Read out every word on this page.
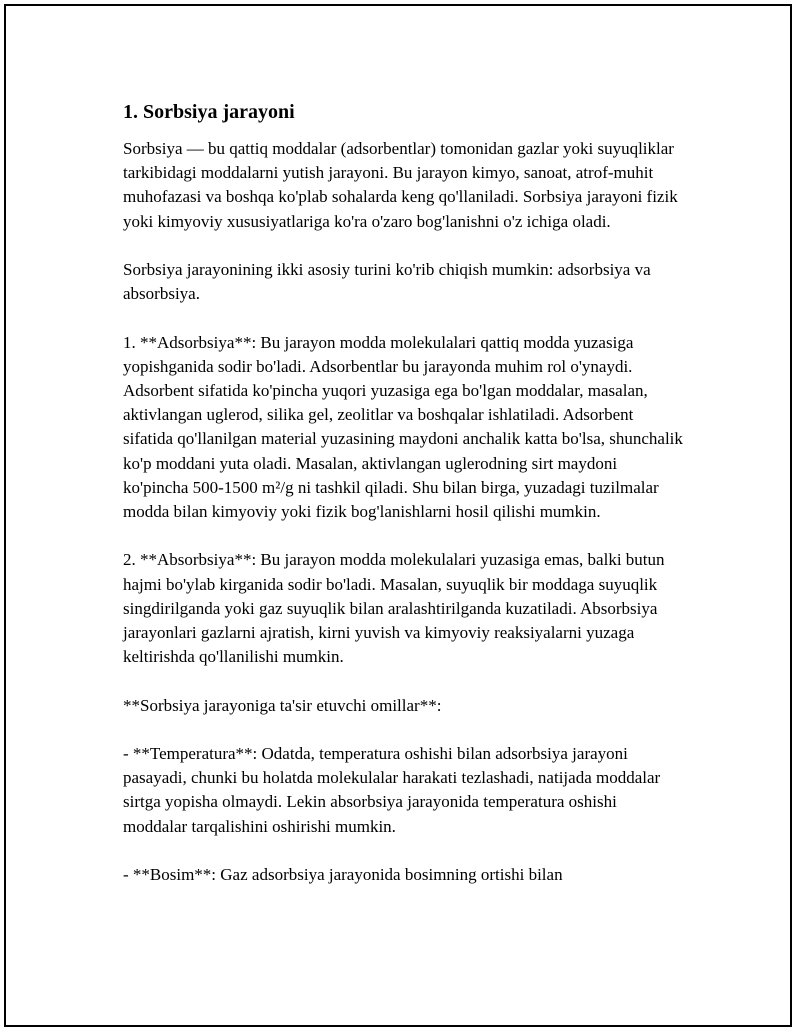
1. Sorbsiya jarayoni

Sorbsiya — bu qattiq moddalar (adsorbentlar) tomonidan gazlar yoki suyuqliklar tarkibidagi moddalarni yutish jarayoni. Bu jarayon kimyo, sanoat, atrof-muhit muhofazasi va boshqa ko'plab sohalarda keng qo'llaniladi. Sorbsiya jarayoni fizik yoki kimyoviy xususiyatlariga ko'ra o'zaro bog'lanishni o'z ichiga oladi.

Sorbsiya jarayonining ikki asosiy turini ko'rib chiqish mumkin: adsorbsiya va absorbsiya.

1. **Adsorbsiya**: Bu jarayon modda molekulalari qattiq modda yuzasiga yopishganida sodir bo'ladi. Adsorbentlar bu jarayonda muhim rol o'ynaydi. Adsorbent sifatida ko'pincha yuqori yuzasiga ega bo'lgan moddalar, masalan, aktivlangan uglerod, silika gel, zeolitlar va boshqalar ishlatiladi. Adsorbent sifatida qo'llanilgan material yuzasining maydoni anchalik katta bo'lsa, shunchalik ko'p moddani yuta oladi. Masalan, aktivlangan uglerodning sirt maydoni ko'pincha 500-1500 m²/g ni tashkil qiladi. Shu bilan birga, yuzadagi tuzilmalar modda bilan kimyoviy yoki fizik bog'lanishlarni hosil qilishi mumkin.

2. **Absorbsiya**: Bu jarayon modda molekulalari yuzasiga emas, balki butun hajmi bo'ylab kirganida sodir bo'ladi. Masalan, suyuqlik bir moddaga suyuqlik singdirilganda yoki gaz suyuqlik bilan aralashtirilganda kuzatiladi. Absorbsiya jarayonlari gazlarni ajratish, kirni yuvish va kimyoviy reaksiyalarni yuzaga keltirishda qo'llanilishi mumkin.

**Sorbsiya jarayoniga ta'sir etuvchi omillar**:

- **Temperatura**: Odatda, temperatura oshishi bilan adsorbsiya jarayoni pasayadi, chunki bu holatda molekulalar harakati tezlashadi, natijada moddalar sirtga yopisha olmaydi. Lekin absorbsiya jarayonida temperatura oshishi moddalar tarqalishini oshirishi mumkin.

- **Bosim**: Gaz adsorbsiya jarayonida bosimning ortishi bilan
